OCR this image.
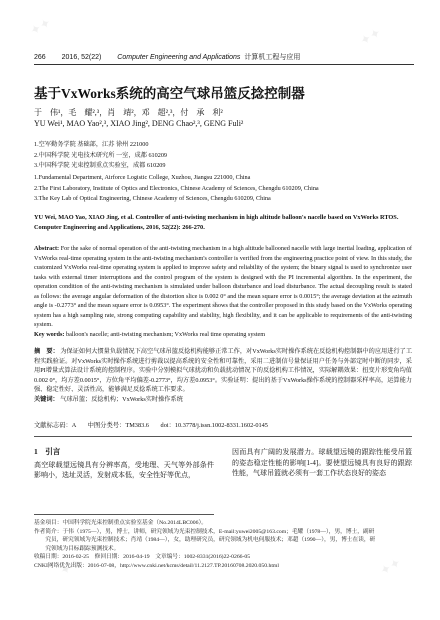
✦✦	✦✦
✦✦
✦✦	✦✦
266 2016, 52(22) Computer Engineering and Applications 计算机工程与应用
基于VxWorks系统的高空气球吊篮反捻控制器
于　伟¹，毛　耀²,³，肖　靖²，邓　超²,³，付　承　利²
YU Wei¹, MAO Yao²,³, XIAO Jing², DENG Chao²,³, GENG Fuli²
1.空军勤务学院 基础部，江苏 徐州 221000
2.中国科学院 光电技术研究所 一室，成都 610209
3.中国科学院 光束控制重点实验室，成都 610209
1.Fundamental Department, Airforce Logistic College, Xuzhou, Jiangsu 221000, China
2.The First Laboratory, Institute of Optics and Electronics, Chinese Academy of Sciences, Chengdu 610209, China
3.The Key Lab of Optical Engineering, Chinese Academy of Sciences, Chengdu 610209, China
YU Wei, MAO Yao, XIAO Jing, et al. Controller of anti-twisting mechanism in high altitude balloon's nacelle based on VxWorks RTOS. Computer Engineering and Applications, 2016, 52(22): 266-270.
Abstract: For the sake of normal operation of the anti-twisting mechanism in a high altitude ballooned nacelle with large inertial loading, application of VxWorks real-time operating system in the anti-twisting mechanism's controller is verified from the engineering practice point of view. In this study, the customized VxWorks real-time operating system is applied to improve safety and reliability of the system; the binary signal is used to synchronize user tasks with external timer interruptions and the control program of the system is designed with the PI incremental algorithm. In the experiment, the operation condition of the anti-twisting mechanism is simulated under balloon disturbance and load disturbance. The actual decoupling result is stated as follows: the average angular deformation of the distortion slice is 0.002 0° and the mean square error is 0.0015°; the average deviation at the azimuth angle is -0.2773° and the mean square error is 0.0953°. The experiment shows that the controller proposed in this study based on the VxWorks operating system has a high sampling rate, strong computing capability and stability, high flexibility, and it can be applicable to requirements of the anti-twisting system.
Key words: balloon's nacelle; anti-twisting mechanism; VxWorks real time operating system
摘　要： 为保证如何大惯量负载情况下高空气球吊篮反捻机构能够正常工作，对VxWorks实时操作系统在反捻机构控制器中的应用进行了工程实践验证。对VxWorks实时操作系统进行剪裁以提高系统的安全性和可靠性，采用二进制信号量保证用户任务与外部定时中断的同步，采用PI增量式算法设计系统的控制程序。实验中分别模拟气球扰动和负载扰动情况下的反捻机构工作情况，实际解耦效果：扭变片形变角均值0.002 0°，均方差0.0015°，方位角平均偏差-0.2773°，均方差0.0953°。实验证明：提出的基于VxWorks操作系统的控制器采样率高，运算能力强、稳定性好、灵活性高，能够满足反捻系统工作要求。
关键词： 气球吊篮；反捻机构；VxWorks实时操作系统
文献标志码：A 中图分类号：TM383.6 doi：10.3778/j.issn.1002-8331.1602-0145
1　引言
高空球载望远镜具有分辨率高，受地理、天气等外部条件影响小，选址灵活，发射成本低，安全性好等优点，
因而具有广阔的发展潜力。球载望远镜的跟踪性能受吊篮的姿态稳定性能的影响[1-4]。要使望远镜具有良好的跟踪性能，气球吊篮就必须有一套工作状态良好的姿态
基金项目：中国科学院光束控制重点实验室基金（No.2014LBC006）。
作者简介：于伟（1975—），男，博士，讲师，研究领域为光束控制技术，E-mail:yuwei2005@163.com；毛耀（1978—），男，博士，副研
　　究员，研究领域为光束控制技术；肖靖（1984—），女，助理研究员，研究领域为机电伺服技术；邓超（1990—），男，博士在读，研
　　究领域为目标跟踪预测技术。
收稿日期：2016-02-25　修回日期：2016-04-19　文章编号：1002-8331(2016)22-0266-05
CNKI网络优先出版：2016-07-08，http://www.cnki.net/kcms/detail/11.2127.TP.20160708.2020.050.html
